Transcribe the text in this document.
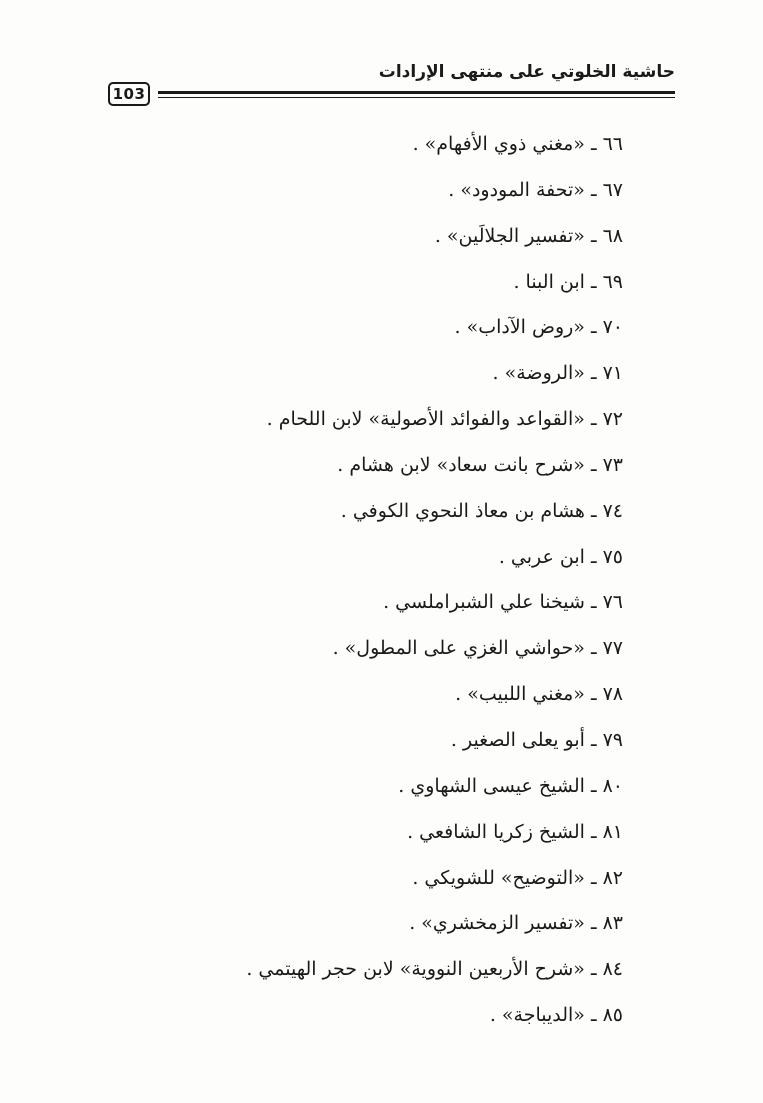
103
حاشية الخلوتي على منتهى الإرادات
٦٦ ـ «مغني ذوي الأفهام» .
٦٧ ـ «تحفة المودود» .
٦٨ ـ «تفسير الجلالَين» .
٦٩ ـ ابن البنا .
٧٠ ـ «روض الآداب» .
٧١ ـ «الروضة» .
٧٢ ـ «القواعد والفوائد الأصولية» لابن اللحام .
٧٣ ـ «شرح بانت سعاد» لابن هشام .
٧٤ ـ هشام بن معاذ النحوي الكوفي .
٧٥ ـ ابن عربي .
٧٦ ـ شيخنا علي الشبراملسي .
٧٧ ـ «حواشي الغزي على المطول» .
٧٨ ـ «مغني اللبيب» .
٧٩ ـ أبو يعلى الصغير .
٨٠ ـ الشيخ عيسى الشهاوي .
٨١ ـ الشيخ زكريا الشافعي .
٨٢ ـ «التوضيح» للشويكي .
٨٣ ـ «تفسير الزمخشري» .
٨٤ ـ «شرح الأربعين النووية» لابن حجر الهيتمي .
٨٥ ـ «الديباجة» .
